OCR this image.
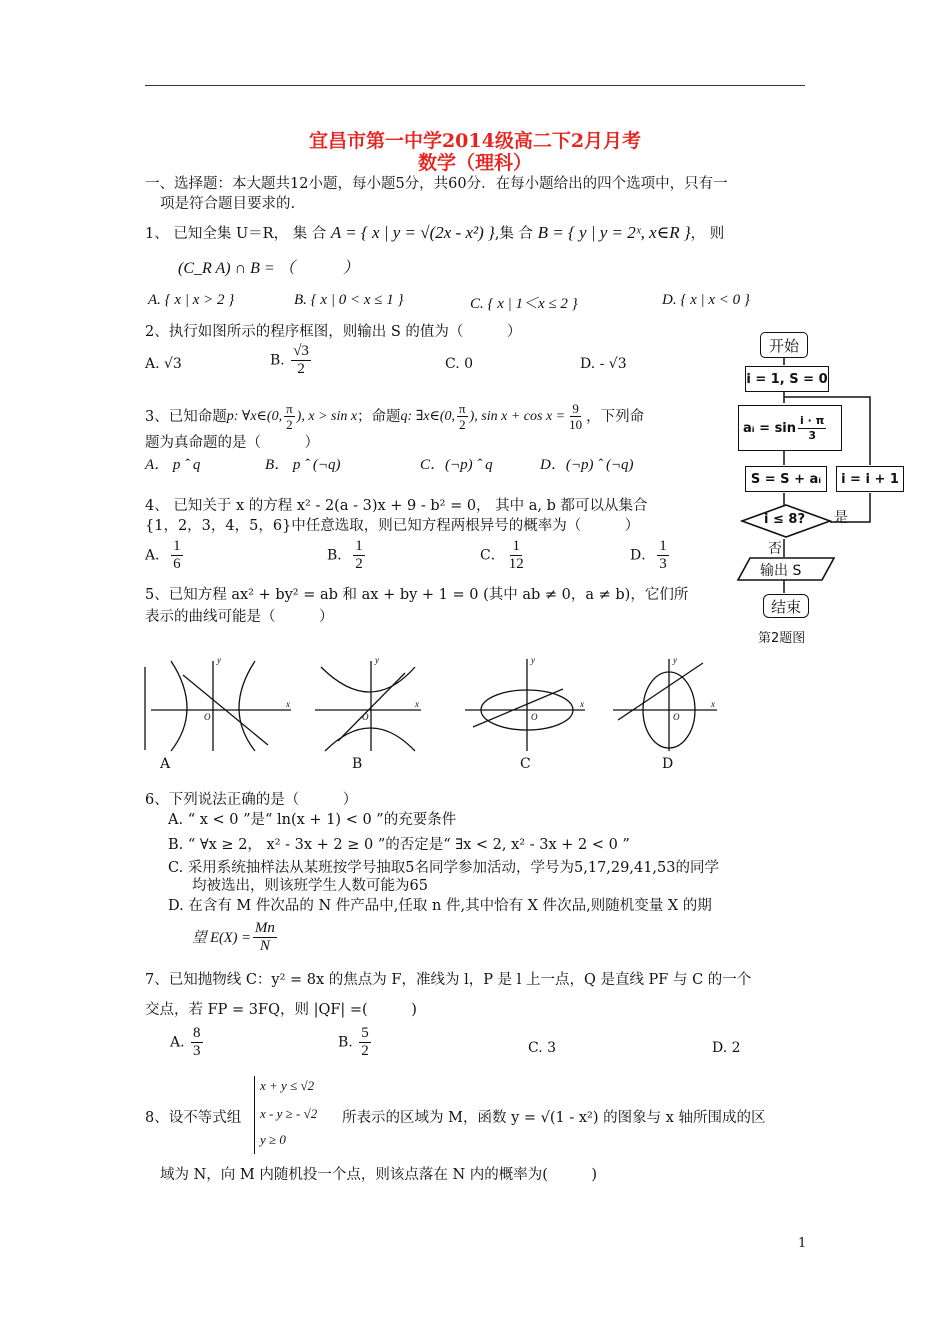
宜昌市第一中学2014级高二下2月月考
数学（理科）
一、选择题：本大题共12小题，每小题5分，共60分．在每小题给出的四个选项中，只有一
项是符合题目要求的.
1、 已知全集 U＝R， 集 合 A = { x | y = √(2x - x²) },集 合 B = { y | y = 2ˣ, x∈R }， 则
(C_R A) ∩ B = （　　　）
A. { x | x > 2 }	B. { x | 0 < x ≤ 1 }	C. { x | 1＜x ≤ 2 }	D. { x | x < 0 }
2、执行如图所示的程序框图，则输出 S 的值为（　　　）
A. √3	B. $\frac{√3}{2}$	C. 0	D. - √3
3、已知命题 p: ∀x∈(0, $\frac{\pi}{2}$ ), x > sin x ；命题 q: ∃x∈(0, $\frac{\pi}{2}$ ), $\sin x + \cos x = \frac{9}{10}$ ，下列命
题为真命题的是（　　　）
A． p ˆ q	B． p ˆ (¬q)	C．(¬p) ˆ q	D．(¬p) ˆ (¬q)
4、 已知关于 x 的方程 x² - 2(a - 3)x + 9 - b² = 0， 其中 a, b 都可以从集合
{1，2，3，4，5，6}中任意选取，则已知方程两根异号的概率为（　　　）
A． $\frac{1}{6}$	B． $\frac{1}{2}$	C． $\frac{1}{12}$	D． $\frac{1}{3}$
5、已知方程 ax² + by² = ab 和 ax + by + 1 = 0 (其中 ab ≠ 0，a ≠ b)，它们所
表示的曲线可能是（　　　）
x
y
O
x
y
O
x
y
O
x
y
O
A	B	C	D
6、下列说法正确的是（　　　）
A. “ x < 0 ”是“ ln(x + 1) < 0 ”的充要条件
B. “ ∀x ≥ 2， x² - 3x + 2 ≥ 0 ”的否定是“ ∃x < 2, x² - 3x + 2 < 0 ”
C. 采用系统抽样法从某班按学号抽取5名同学参加活动，学号为5,17,29,41,53的同学
均被选出，则该班学生人数可能为65
D. 在含有 M 件次品的 N 件产品中,任取 n 件,其中恰有 X 件次品,则随机变量 X 的期
望 $E(X) = \frac{Mn}{N}$
7、已知抛物线 C：y² = 8x 的焦点为 F，准线为 l，P 是 l 上一点，Q 是直线 PF 与 C 的一个
交点，若 FP = 3FQ，则 |QF| =(　　　)
A. $\frac{8}{3}$	B. $\frac{5}{2}$	C. 3	D. 2
8、设不等式组
x + y ≤ √2
x - y ≥ - √2
y ≥ 0
所表示的区域为 M，函数 y = √(1 - x²) 的图象与 x 轴所围成的区
域为 N，向 M 内随机投一个点，则该点落在 N 内的概率为(　　　)
开始
i = 1, S = 0
aᵢ = $\sin \frac{i \cdot \pi}{3}$
S = S + aᵢ	i = i + 1
i ≤ 8? 是
否
输出 S
结束
第2题图
1
